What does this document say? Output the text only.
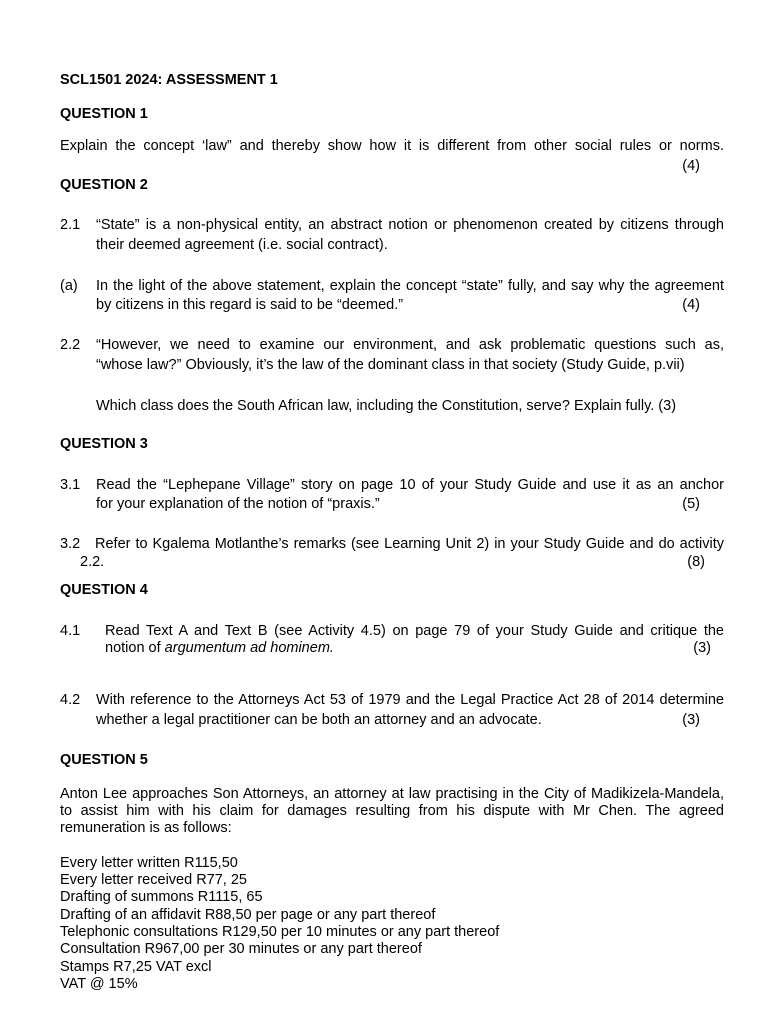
SCL1501 2024: ASSESSMENT 1
QUESTION 1
Explain the concept ‘law” and thereby show how it is different from other social rules or norms.
(4)
QUESTION 2
2.1 “State” is a non-physical entity, an abstract notion or phenomenon created by citizens through
their deemed agreement (i.e. social contract).
(a) In the light of the above statement, explain the concept “state” fully, and say why the agreement
by citizens in this regard is said to be “deemed.”	(4)
2.2 “However, we need to examine our environment, and ask problematic questions such as,
“whose law?” Obviously, it’s the law of the dominant class in that society (Study Guide, p.vii)
Which class does the South African law, including the Constitution, serve? Explain fully. (3)
QUESTION 3
3.1 Read the “Lephepane Village” story on page 10 of your Study Guide and use it as an anchor
for your explanation of the notion of “praxis.”	(5)
3.2 Refer to Kgalema Motlanthe’s remarks (see Learning Unit 2) in your Study Guide and do activity
2.2.	(8)
QUESTION 4
4.1 Read Text A and Text B (see Activity 4.5) on page 79 of your Study Guide and critique the
notion of argumentum ad hominem.	(3)
4.2 With reference to the Attorneys Act 53 of 1979 and the Legal Practice Act 28 of 2014 determine
whether a legal practitioner can be both an attorney and an advocate.	(3)
QUESTION 5
Anton Lee approaches Son Attorneys, an attorney at law practising in the City of Madikizela-Mandela,
to assist him with his claim for damages resulting from his dispute with Mr Chen. The agreed
remuneration is as follows:
Every letter written R115,50
Every letter received R77, 25
Drafting of summons R1115, 65
Drafting of an affidavit R88,50 per page or any part thereof
Telephonic consultations R129,50 per 10 minutes or any part thereof
Consultation R967,00 per 30 minutes or any part thereof
Stamps R7,25 VAT excl
VAT @ 15%
